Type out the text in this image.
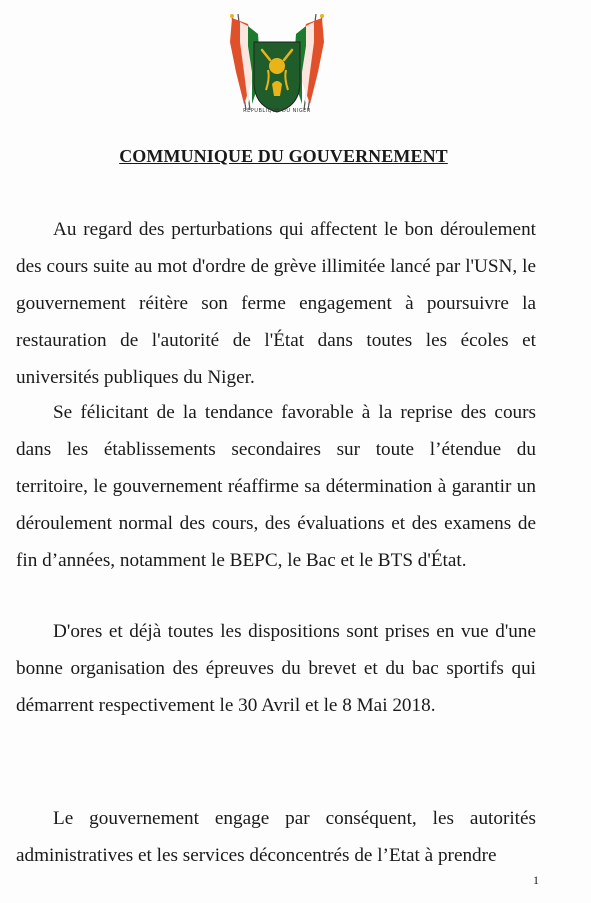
RÉPUBLIQUE DU NIGER
COMMUNIQUE DU GOUVERNEMENT

Au regard des perturbations qui affectent le bon déroulement des cours suite au mot d'ordre de grève illimitée lancé par l'USN, le gouvernement réitère son ferme engagement à poursuivre la restauration de l'autorité de l'État dans toutes les écoles et universités publiques du Niger.

Se félicitant de la tendance favorable à la reprise des cours dans les établissements secondaires sur toute l’étendue du territoire, le gouvernement réaffirme sa détermination à garantir un déroulement normal des cours, des évaluations et des examens de fin d’années, notamment le BEPC, le Bac et le BTS d'État.

D'ores et déjà toutes les dispositions sont prises en vue d'une bonne organisation des épreuves du brevet et du bac sportifs qui démarrent respectivement le 30 Avril et le 8 Mai 2018.

Le gouvernement engage par conséquent, les autorités administratives et les services déconcentrés de l’Etat à prendre

1
